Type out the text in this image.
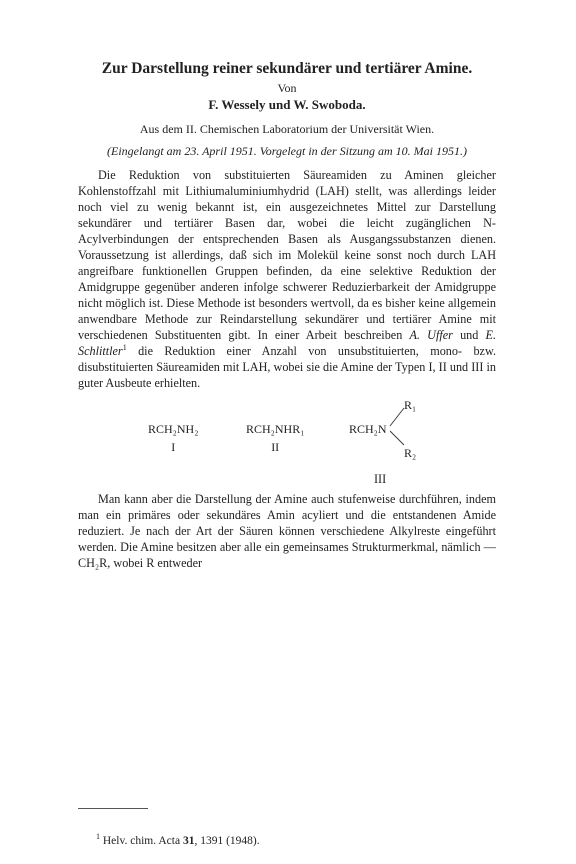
Zur Darstellung reiner sekundärer und tertiärer Amine.
Von
F. Wessely und W. Swoboda.
Aus dem II. Chemischen Laboratorium der Universität Wien.
(Eingelangt am 23. April 1951. Vorgelegt in der Sitzung am 10. Mai 1951.)

Die Reduktion von substituierten Säureamiden zu Aminen gleicher Kohlenstoffzahl mit Lithiumaluminiumhydrid (LAH) stellt, was allerdings leider noch viel zu wenig bekannt ist, ein ausgezeichnetes Mittel zur Darstellung sekundärer und tertiärer Basen dar, wobei die leicht zugänglichen N-Acylverbindungen der entsprechenden Basen als Ausgangssubstanzen dienen. Voraussetzung ist allerdings, daß sich im Molekül keine sonst noch durch LAH angreifbare funktionellen Gruppen befinden, da eine selektive Reduktion der Amidgruppe gegenüber anderen infolge schwerer Reduzierbarkeit der Amidgruppe nicht möglich ist. Diese Methode ist besonders wertvoll, da es bisher keine allgemein anwendbare Methode zur Reindarstellung sekundärer und tertiärer Amine mit verschiedenen Substituenten gibt. In einer Arbeit beschreiben A. Uffer und E. Schlittler$^1$ die Reduktion einer Anzahl von unsubstituierten, mono- bzw. disubstituierten Säureamiden mit LAH, wobei sie die Amine der Typen I, II und III in guter Ausbeute erhielten.

RCH₂NH₂
I
RCH₂NHR₁
II
R₁
RCH₂N
R₂
III

Man kann aber die Darstellung der Amine auch stufenweise durchführen, indem man ein primäres oder sekundäres Amin acyliert und die entstandenen Amide reduziert. Je nach der Art der Säuren können verschiedene Alkylreste eingeführt werden. Die Amine besitzen aber alle ein gemeinsames Strukturmerkmal, nämlich —CH₂R, wobei R entweder

$^1$ Helv. chim. Acta 31, 1391 (1948).
